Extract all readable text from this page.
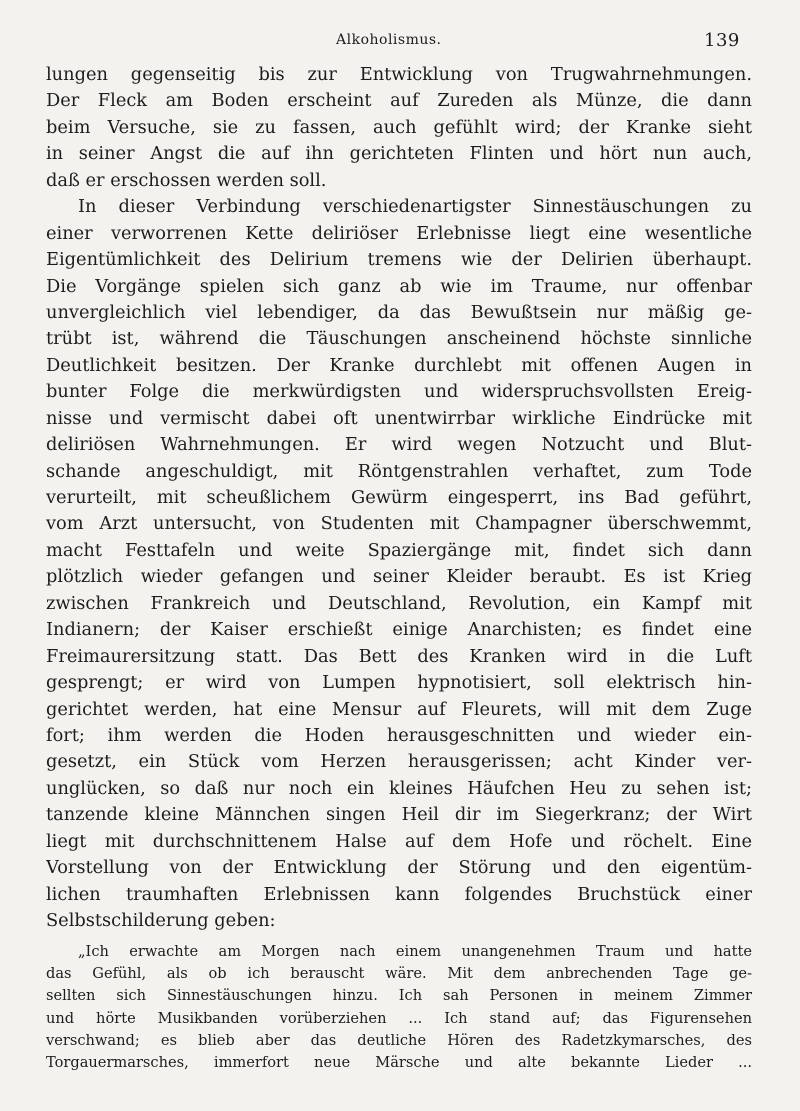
Alkoholismus.	139
lungen gegenseitig bis zur Entwicklung von Trugwahrnehmungen.
Der Fleck am Boden erscheint auf Zureden als Münze, die dann
beim Versuche, sie zu fassen, auch gefühlt wird; der Kranke sieht
in seiner Angst die auf ihn gerichteten Flinten und hört nun auch,
daß er erschossen werden soll.
In dieser Verbindung verschiedenartigster Sinnestäuschungen zu
einer verworrenen Kette deliriöser Erlebnisse liegt eine wesentliche
Eigentümlichkeit des Delirium tremens wie der Delirien überhaupt.
Die Vorgänge spielen sich ganz ab wie im Traume, nur offenbar
unvergleichlich viel lebendiger, da das Bewußtsein nur mäßig ge-
trübt ist, während die Täuschungen anscheinend höchste sinnliche
Deutlichkeit besitzen. Der Kranke durchlebt mit offenen Augen in
bunter Folge die merkwürdigsten und widerspruchsvollsten Ereig-
nisse und vermischt dabei oft unentwirrbar wirkliche Eindrücke mit
deliriösen Wahrnehmungen. Er wird wegen Notzucht und Blut-
schande angeschuldigt, mit Röntgenstrahlen verhaftet, zum Tode
verurteilt, mit scheußlichem Gewürm eingesperrt, ins Bad geführt,
vom Arzt untersucht, von Studenten mit Champagner überschwemmt,
macht Festtafeln und weite Spaziergänge mit, findet sich dann
plötzlich wieder gefangen und seiner Kleider beraubt. Es ist Krieg
zwischen Frankreich und Deutschland, Revolution, ein Kampf mit
Indianern; der Kaiser erschießt einige Anarchisten; es findet eine
Freimaurersitzung statt. Das Bett des Kranken wird in die Luft
gesprengt; er wird von Lumpen hypnotisiert, soll elektrisch hin-
gerichtet werden, hat eine Mensur auf Fleurets, will mit dem Zuge
fort; ihm werden die Hoden herausgeschnitten und wieder ein-
gesetzt, ein Stück vom Herzen herausgerissen; acht Kinder ver-
unglücken, so daß nur noch ein kleines Häufchen Heu zu sehen ist;
tanzende kleine Männchen singen Heil dir im Siegerkranz; der Wirt
liegt mit durchschnittenem Halse auf dem Hofe und röchelt. Eine
Vorstellung von der Entwicklung der Störung und den eigentüm-
lichen traumhaften Erlebnissen kann folgendes Bruchstück einer
Selbstschilderung geben:
„Ich erwachte am Morgen nach einem unangenehmen Traum und hatte
das Gefühl, als ob ich berauscht wäre. Mit dem anbrechenden Tage ge-
sellten sich Sinnestäuschungen hinzu. Ich sah Personen in meinem Zimmer
und hörte Musikbanden vorüberziehen ... Ich stand auf; das Figurensehen
verschwand; es blieb aber das deutliche Hören des Radetzkymarsches, des
Torgauermarsches, immerfort neue Märsche und alte bekannte Lieder ...
